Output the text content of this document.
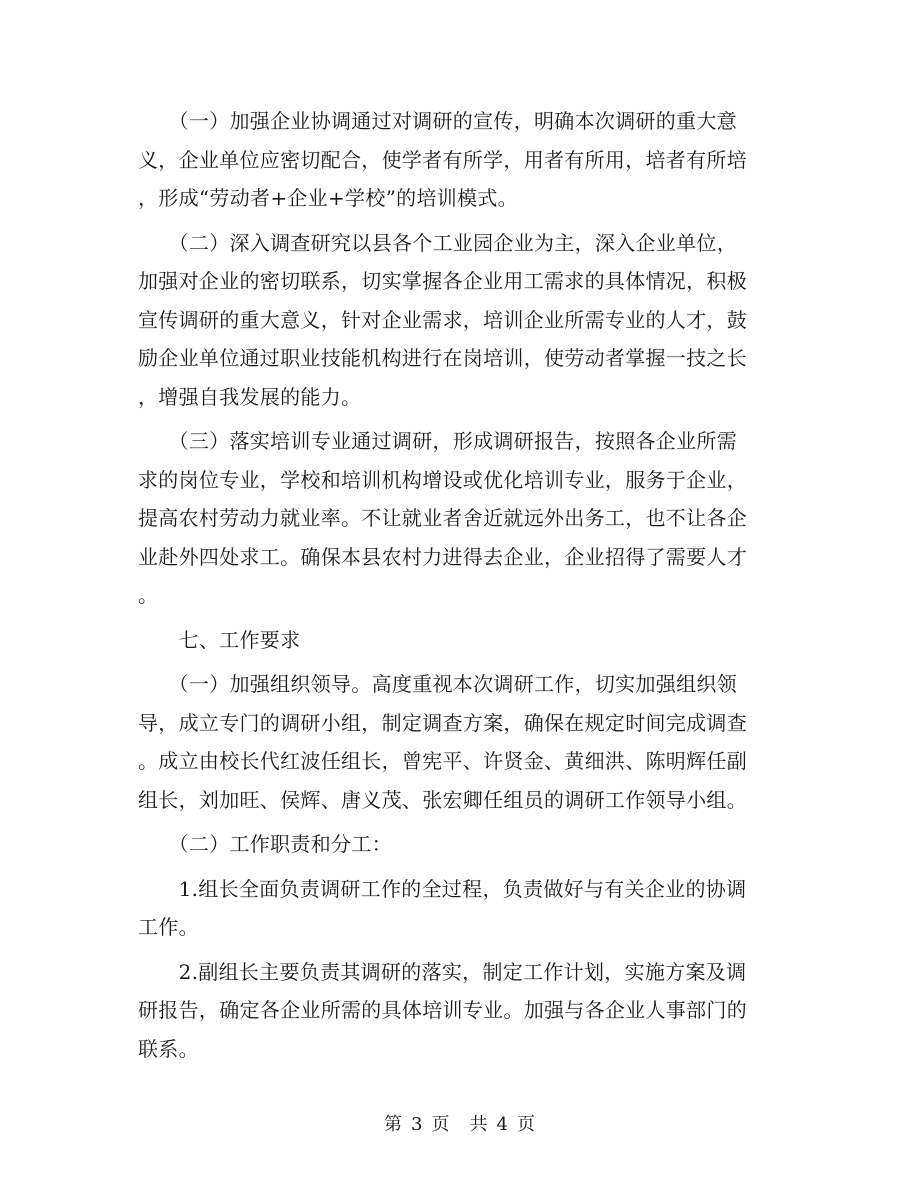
　　（一）加强企业协调通过对调研的宣传，明确本次调研的重大意
义，企业单位应密切配合，使学者有所学，用者有所用，培者有所培
，形成“劳动者+企业+学校”的培训模式。

　　（二）深入调查研究以县各个工业园企业为主，深入企业单位，
加强对企业的密切联系，切实掌握各企业用工需求的具体情况，积极
宣传调研的重大意义，针对企业需求，培训企业所需专业的人才，鼓
励企业单位通过职业技能机构进行在岗培训，使劳动者掌握一技之长
，增强自我发展的能力。

　　（三）落实培训专业通过调研，形成调研报告，按照各企业所需
求的岗位专业，学校和培训机构增设或优化培训专业，服务于企业，
提高农村劳动力就业率。不让就业者舍近就远外出务工，也不让各企
业赴外四处求工。确保本县农村力进得去企业，企业招得了需要人才
。

　　七、工作要求

　　（一）加强组织领导。高度重视本次调研工作，切实加强组织领
导，成立专门的调研小组，制定调查方案，确保在规定时间完成调查
。成立由校长代红波任组长，曾宪平、许贤金、黄细洪、陈明辉任副
组长，刘加旺、侯辉、唐义茂、张宏卿任组员的调研工作领导小组。

　　（二）工作职责和分工：

　　1.组长全面负责调研工作的全过程，负责做好与有关企业的协调
工作。

　　2.副组长主要负责其调研的落实，制定工作计划，实施方案及调
研报告，确定各企业所需的具体培训专业。加强与各企业人事部门的
联系。

第 3 页　共 4 页
